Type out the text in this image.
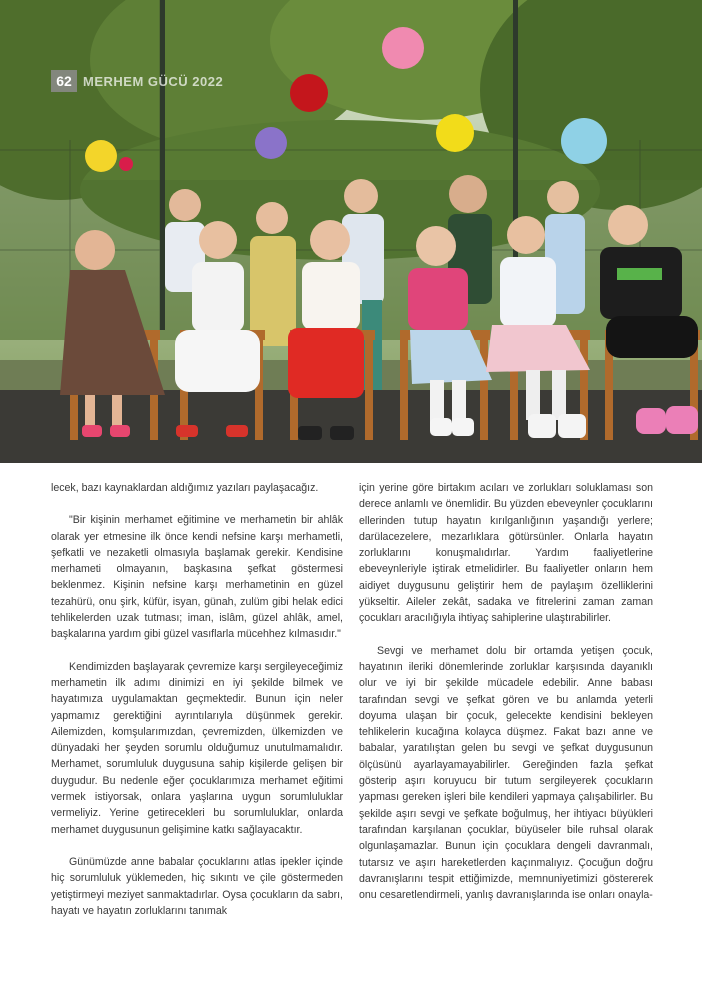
62 MERHEM GÜCÜ 2022

lecek, bazı kaynaklardan aldığımız yazıları paylaşacağız.

"Bir kişinin merhamet eğitimine ve merhametin bir ahlâk olarak yer etmesine ilk önce kendi nefsine karşı merhametli, şefkatli ve nezaketli olmasıyla başlamak gerekir. Kendisine merhameti olmayanın, başkasına şefkat göstermesi beklenmez. Kişinin nefsine karşı merhametinin en güzel tezahürü, onu şirk, küfür, isyan, günah, zulüm gibi helak edici tehlikelerden uzak tutması; iman, islâm, güzel ahlâk, amel, başkalarına yardım gibi güzel vasıflarla mücehhez kılmasıdır."

Kendimizden başlayarak çevremize karşı sergileyeceğimiz merhametin ilk adımı dinimizi en iyi şekilde bilmek ve hayatımıza uygulamaktan geçmektedir. Bunun için neler yapmamız gerektiğini ayrıntılarıyla düşünmek gerekir. Ailemizden, komşularımızdan, çevremizden, ülkemizden ve dünyadaki her şeyden sorumlu olduğumuz unutulmamalıdır. Merhamet, sorumluluk duygusuna sahip kişilerde gelişen bir duygudur. Bu nedenle eğer çocuklarımıza merhamet eğitimi vermek istiyorsak, onlara yaşlarına uygun sorumluluklar vermeliyiz. Yerine getirecekleri bu sorumluluklar, onlarda merhamet duygusunun gelişimine katkı sağlayacaktır.

Günümüzde anne babalar çocuklarını atlas ipekler içinde hiç sorumluluk yüklemeden, hiç sıkıntı ve çile göstermeden yetiştirmeyi meziyet sanmaktadırlar. Oysa çocukların da sabrı, hayatı ve hayatın zorluklarını tanımak

için yerine göre birtakım acıları ve zorlukları soluklaması son derece anlamlı ve önemlidir. Bu yüzden ebeveynler çocuklarını ellerinden tutup hayatın kırılganlığının yaşandığı yerlere; darülacezelere, mezarlıklara götürsünler. Onlarla hayatın zorluklarını konuşmalıdırlar. Yardım faaliyetlerine ebeveynleriyle iştirak etmelidirler. Bu faaliyetler onların hem aidiyet duygusunu geliştirir hem de paylaşım özelliklerini yükseltir. Aileler zekât, sadaka ve fitrelerini zaman zaman çocukları aracılığıyla ihtiyaç sahiplerine ulaştırabilirler.

Sevgi ve merhamet dolu bir ortamda yetişen çocuk, hayatının ileriki dönemlerinde zorluklar karşısında dayanıklı olur ve iyi bir şekilde mücadele edebilir. Anne babası tarafından sevgi ve şefkat gören ve bu anlamda yeterli doyuma ulaşan bir çocuk, gelecekte kendisini bekleyen tehlikelerin kucağına kolayca düşmez. Fakat bazı anne ve babalar, yaratılıştan gelen bu sevgi ve şefkat duygusunun ölçüsünü ayarlayamayabilirler. Gereğinden fazla şefkat gösterip aşırı koruyucu bir tutum sergileyerek çocukların yapması gereken işleri bile kendileri yapmaya çalışabilirler. Bu şekilde aşırı sevgi ve şefkate boğulmuş, her ihtiyacı büyükleri tarafından karşılanan çocuklar, büyüseler bile ruhsal olarak olgunlaşamazlar. Bunun için çocuklara dengeli davranmalı, tutarsız ve aşırı hareketlerden kaçınmalıyız. Çocuğun doğru davranışlarını tespit ettiğimizde, memnuniyetimizi göstererek onu cesaretlendirmeli, yanlış davranışlarında ise onları onayla-
